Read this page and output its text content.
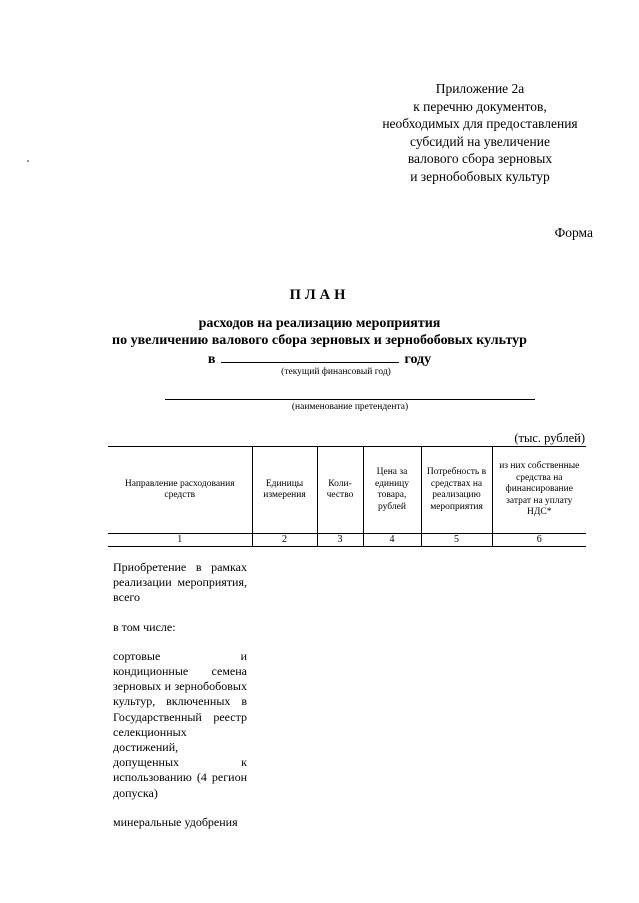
Приложение 2а
к перечню документов,
необходимых для предоставления
субсидий на увеличение
валового сбора зерновых
и зернобобовых культур
Форма
ПЛАН
расходов на реализацию мероприятия
по увеличению валового сбора зерновых и зернобобовых культур
в	году
(текущий финансовый год)
(наименование претендента)
(тыс. рублей)
Направление расходования средств	Единицы измерения	Коли-чество	Цена за единицу товара, рублей	Потребность в средствах на реализацию мероприятия	из них собственные средства на финансирование затрат на уплату НДС*
1	2	3	4	5	6
Приобретение в рамках реализации мероприятия, всего
в том числе:
сортовые и кондиционные семена зерновых и зернобобовых культур, включенных в Государственный реестр селекционных достижений, допущенных к использованию (4 регион допуска)
минеральные удобрения
